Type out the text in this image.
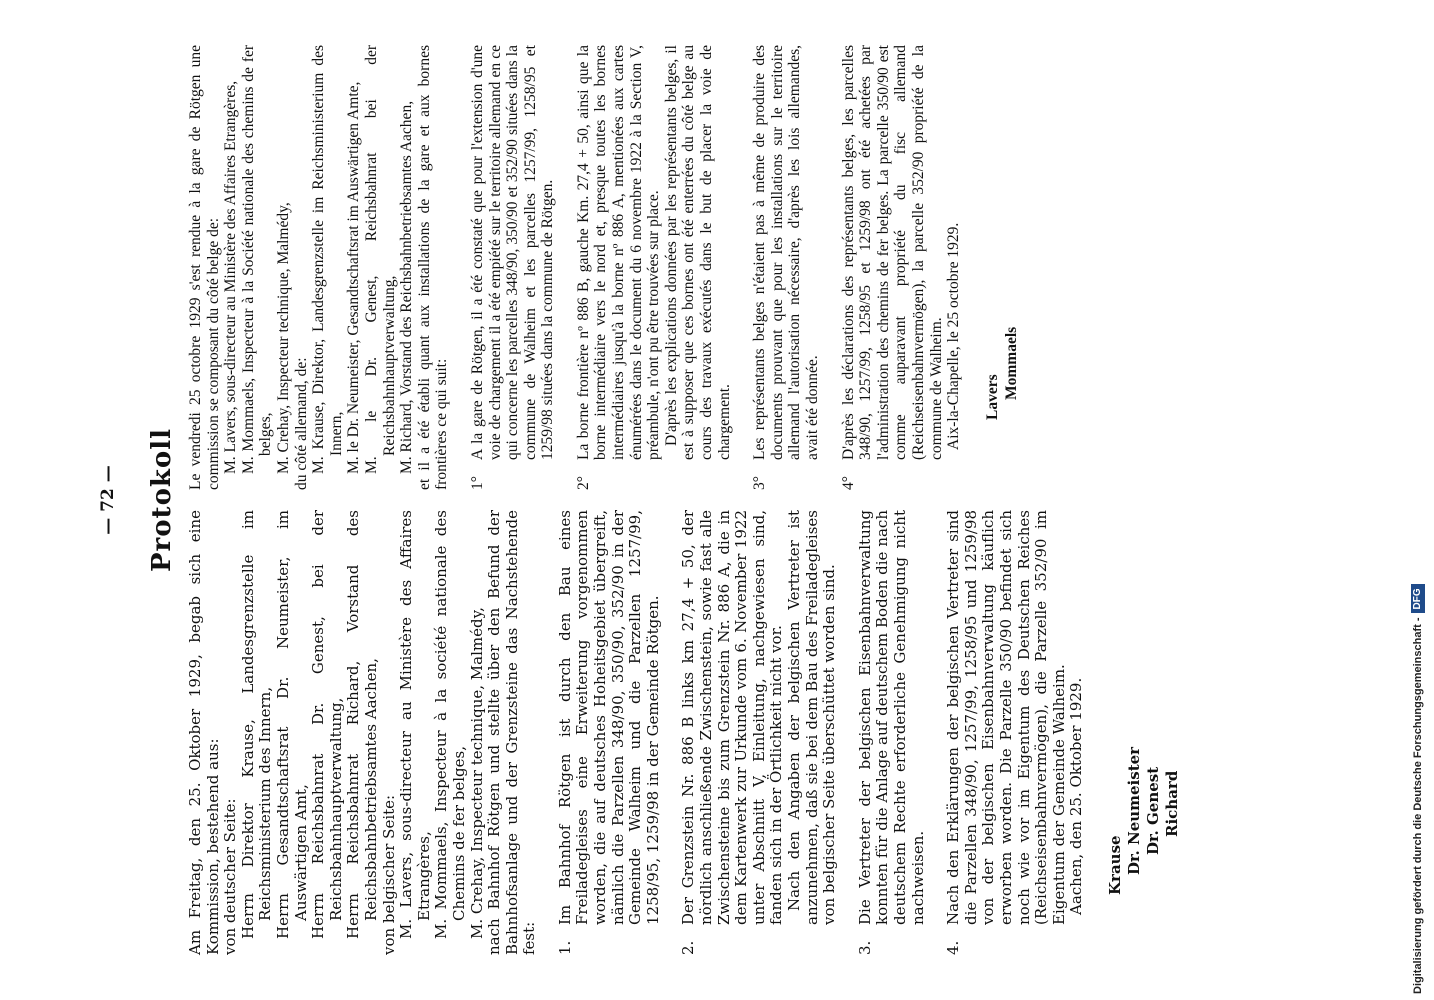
— 72 — Protokoll

Am Freitag, den 25. Oktober 1929, begab sich eine Kommission, bestehend aus: von deutscher Seite: Herrn Direktor Krause, Landesgrenzstelle im Reichsministerium des Innern, Herrn Gesandtschaftsrat Dr. Neumeister, im Auswärtigen Amt, Herrn Reichsbahnrat Dr. Genest, bei der Reichsbahnhauptverwaltung, Herrn Reichsbahnrat Richard, Vorstand des Reichsbahnbetriebsamtes Aachen, von belgischer Seite: M. Lavers, sous-directeur au Ministère des Affaires Etrangères, M. Mommaels, Inspecteur à la société nationale des Chemins de fer belges, M. Crehay, Inspecteur technique, Malmédy, nach Bahnhof Rötgen und stellte über den Befund der Bahnhofsanlage und der Grenzsteine das Nachstehende fest: 1.

Im Bahnhof Rötgen ist durch den Bau eines Freiladegleises eine Erweiterung vorgenommen worden, die auf deutsches Hoheitsgebiet übergreift, nämlich die Parzellen 348/90, 350/90, 352/90 in der Gemeinde Walheim und die Parzellen 1257/99, 1258/95, 1259/98 in der Gemeinde Rötgen.

2.

Der Grenzstein Nr. 886 B links km 27,4 + 50, der nördlich anschließende Zwischenstein, sowie fast alle Zwischensteine bis zum Grenzstein Nr. 886 A, die in dem Kartenwerk zur Urkunde vom 6. November 1922 unter Abschnitt V, Einleitung, nachgewiesen sind, fanden sich in der Örtlichkeit nicht vor. Nach den Angaben der belgischen Vertreter ist anzunehmen, daß sie bei dem Bau des Freiladegleises von belgischer Seite überschüttet worden sind.

3.

Die Vertreter der belgischen Eisenbahnverwaltung konnten für die Anlage auf deutschem Boden die nach deutschem Rechte erforderliche Genehmigung nicht nachweisen.

4.

Nach den Erklärungen der belgischen Vertreter sind die Parzellen 348/90, 1257/99, 1258/95 und 1259/98 von der belgischen Eisenbahnverwaltung käuflich erworben worden. Die Parzelle 350/90 befindet sich noch wie vor im Eigentum des Deutschen Reiches (Reichseisenbahnvermögen), die Parzelle 352/90 im Eigentum der Gemeinde Walheim. Aachen, den 25. Oktober 1929. Krause Dr. Neumeister Dr. Genest Richard

Le vendredi 25 octobre 1929 s'est rendue à la gare de Rötgen une commission se composant du côté belge de: M. Lavers, sous-directeur au Ministère des Affaires Etrangères, M. Mommaels, Inspecteur à la Société nationale des chemins de fer belges, M. Crehay, Inspecteur technique, Malmédy, du côté allemand, de: M. Krause, Direktor, Landesgrenzstelle im Reichsministerium des Innern, M. le Dr. Neumeister, Gesandtschaftsrat im Auswärtigen Amte, M. le Dr. Genest, Reichsbahnrat bei der Reichsbahnhauptverwaltung, M. Richard, Vorstand des Reichsbahnbetriebsamtes Aachen, et il a été établi quant aux installations de la gare et aux bornes frontières ce qui suit: 1°

A la gare de Rötgen, il a été constaté que pour l'extension d'une voie de chargement il a été empiété sur le territoire allemand en ce qui concerne les parcelles 348/90, 350/90 et 352/90 situées dans la commune de Walheim et les parcelles 1257/99, 1258/95 et 1259/98 situées dans la commune de Rötgen.

2°

La borne frontière nº 886 B, gauche Km. 27,4 + 50, ainsi que la borne intermédiaire vers le nord et, presque toutes les bornes intermédiaires jusqu'à la borne nº 886 A, mentionées aux cartes énumérées dans le document du 6 novembre 1922 à la Section V, préambule, n'ont pu être trouvées sur place. D'après les explications données par les représentants belges, il est à supposer que ces bornes ont été enterrées du côté belge au cours des travaux exécutés dans le but de placer la voie de chargement.

3°

Les représentants belges n'étaient pas à même de produire des documents prouvant que pour les installations sur le territoire allemand l'autorisation nécessaire, d'après les lois allemandes, avait été donnée.

4°

D'après les déclarations des représentants belges, les parcelles 348/90, 1257/99, 1258/95 et 1259/98 ont été achetées par l'administration des chemins de fer belges. La parcelle 350/90 est comme auparavant propriété du fisc allemand (Reichseisenbahnvermögen), la parcelle 352/90 propriété de la commune de Walheim. Aix-la-Chapelle, le 25 octobre 1929. Lavers Mommaels
Digitalisierung gefördert durch die Deutsche Forschungsgemeinschaft -DFG
